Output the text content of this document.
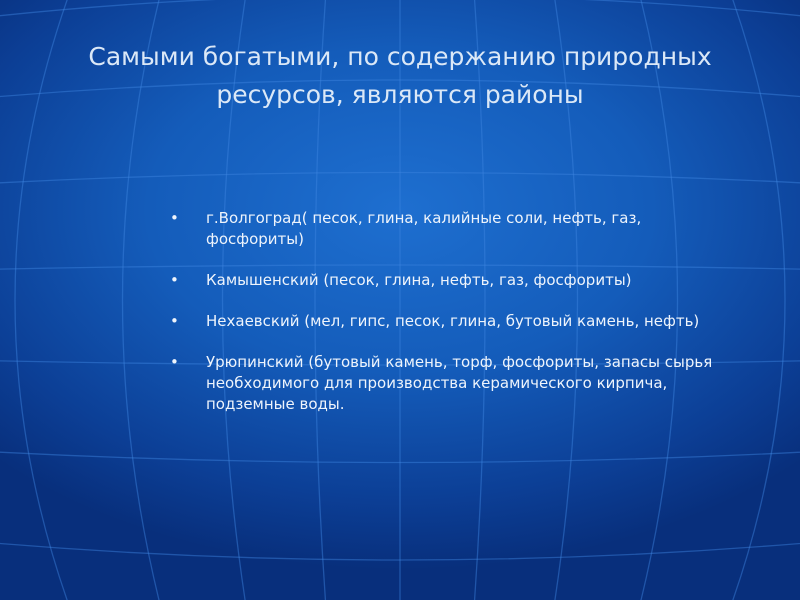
Самыми богатыми, по содержанию природных ресурсов, являются районы
• г.Волгоград( песок, глина, калийные соли, нефть, газ, фосфориты)
• Камышенский (песок, глина, нефть, газ, фосфориты)
• Нехаевский (мел, гипс, песок, глина, бутовый камень, нефть)
• Урюпинский (бутовый камень, торф, фосфориты, запасы сырья необходимого для производства керамического кирпича, подземные воды.
